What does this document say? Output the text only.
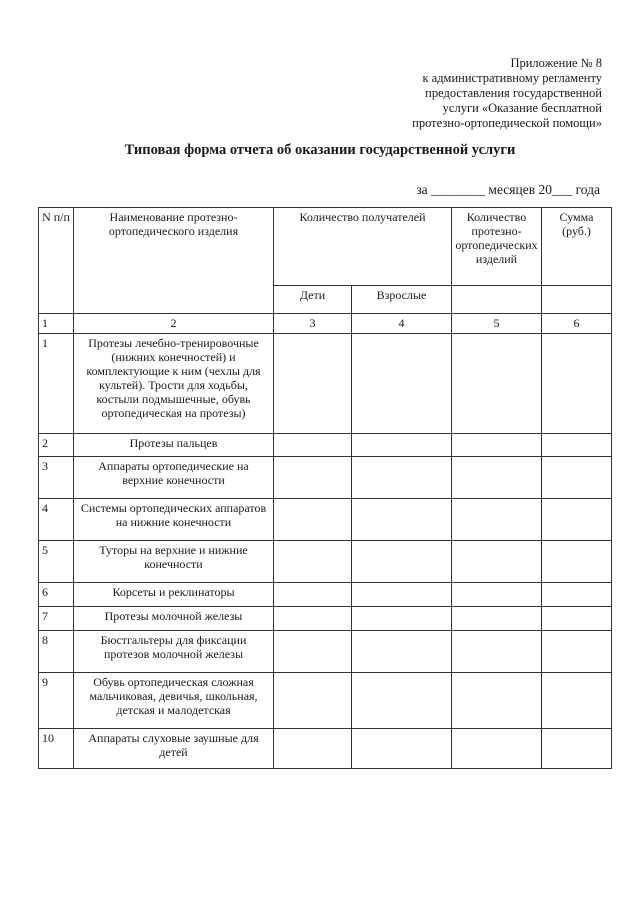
Приложение № 8
к административному регламенту
предоставления государственной
услуги «Оказание бесплатной
протезно-ортопедической помощи»
Типовая форма отчета об оказании государственной услуги
за ________ месяцев 20___ года
N п/п	Наименование протезно-ортопедического изделия	Количество получателей		Количество протезно-ортопедических изделий	Сумма (руб.)
		Дети	Взрослые		
1	2	3	4	5	6
1	Протезы лечебно-тренировочные (нижних конечностей) и комплектующие к ним (чехлы для культей). Трости для ходьбы, костыли подмышечные, обувь ортопедическая на протезы)				
2	Протезы пальцев				
3	Аппараты ортопедические на верхние конечности				
4	Системы ортопедических аппаратов на нижние конечности				
5	Туторы на верхние и нижние конечности				
6	Корсеты и реклинаторы				
7	Протезы молочной железы				
8	Бюстгальтеры для фиксации протезов молочной железы				
9	Обувь ортопедическая сложная мальчиковая, девичья, школьная, детская и малодетская				
10	Аппараты слуховые заушные для детей				
